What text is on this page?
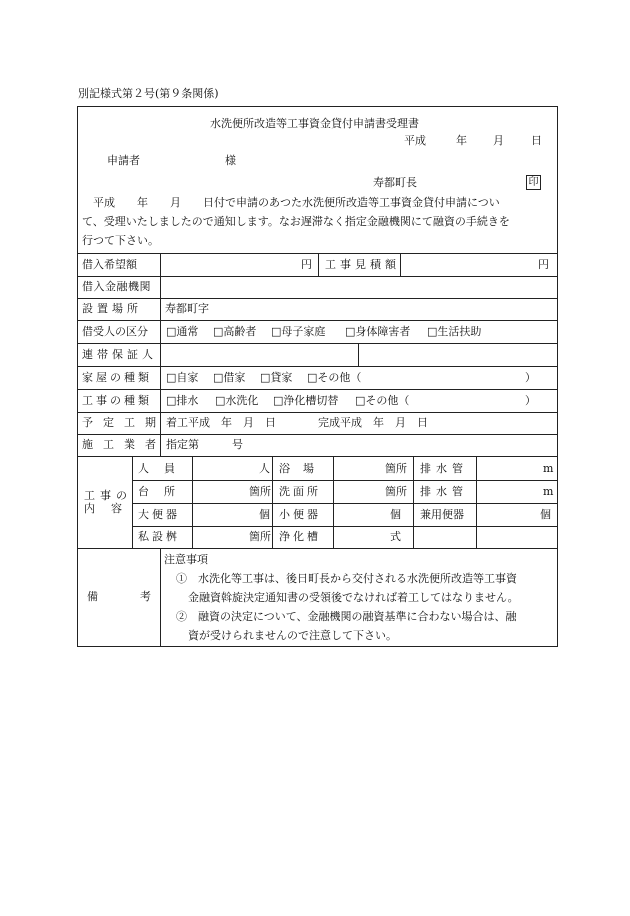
別記様式第２号(第９条関係)
水洗便所改造等工事資金貸付申請書受理書
平成	年 月 日
申請者	様
寿都町長	印
平成　　年　　月　　日付で申請のあつた水洗便所改造等工事資金貸付申請につい
て、受理いたしましたので通知します。なお遅滞なく指定金融機関にて融資の手続きを
行つて下さい。
借入希望額	円 工事見積額	円
借入金融機関
設置場所 寿都町字
借受人の区分 □通常 □高齢者 □母子家庭 □身体障害者 □生活扶助
連帯保証人
家屋の種類 □自家 □借家 □貸家 □その他（	）
工事の種類 □排水 □水洗化 □浄化槽切替 □その他（	）
予定工期 着工平成　年　月　日	完成平成　年　月　日
施工業者 指定第　　　号
工事の
内容
人員	人 浴場	箇所 排水管	m
台所	箇所 洗面所	箇所 排水管	m
大便器	個 小便器	個 兼用便器	個
私設桝	箇所 浄化槽	式
備考
注意事項
①　水洗化等工事は、後日町長から交付される水洗便所改造等工事資
金融資斡旋決定通知書の受領後でなければ着工してはなりません。
②　融資の決定について、金融機関の融資基準に合わない場合は、融
資が受けられませんので注意して下さい。
